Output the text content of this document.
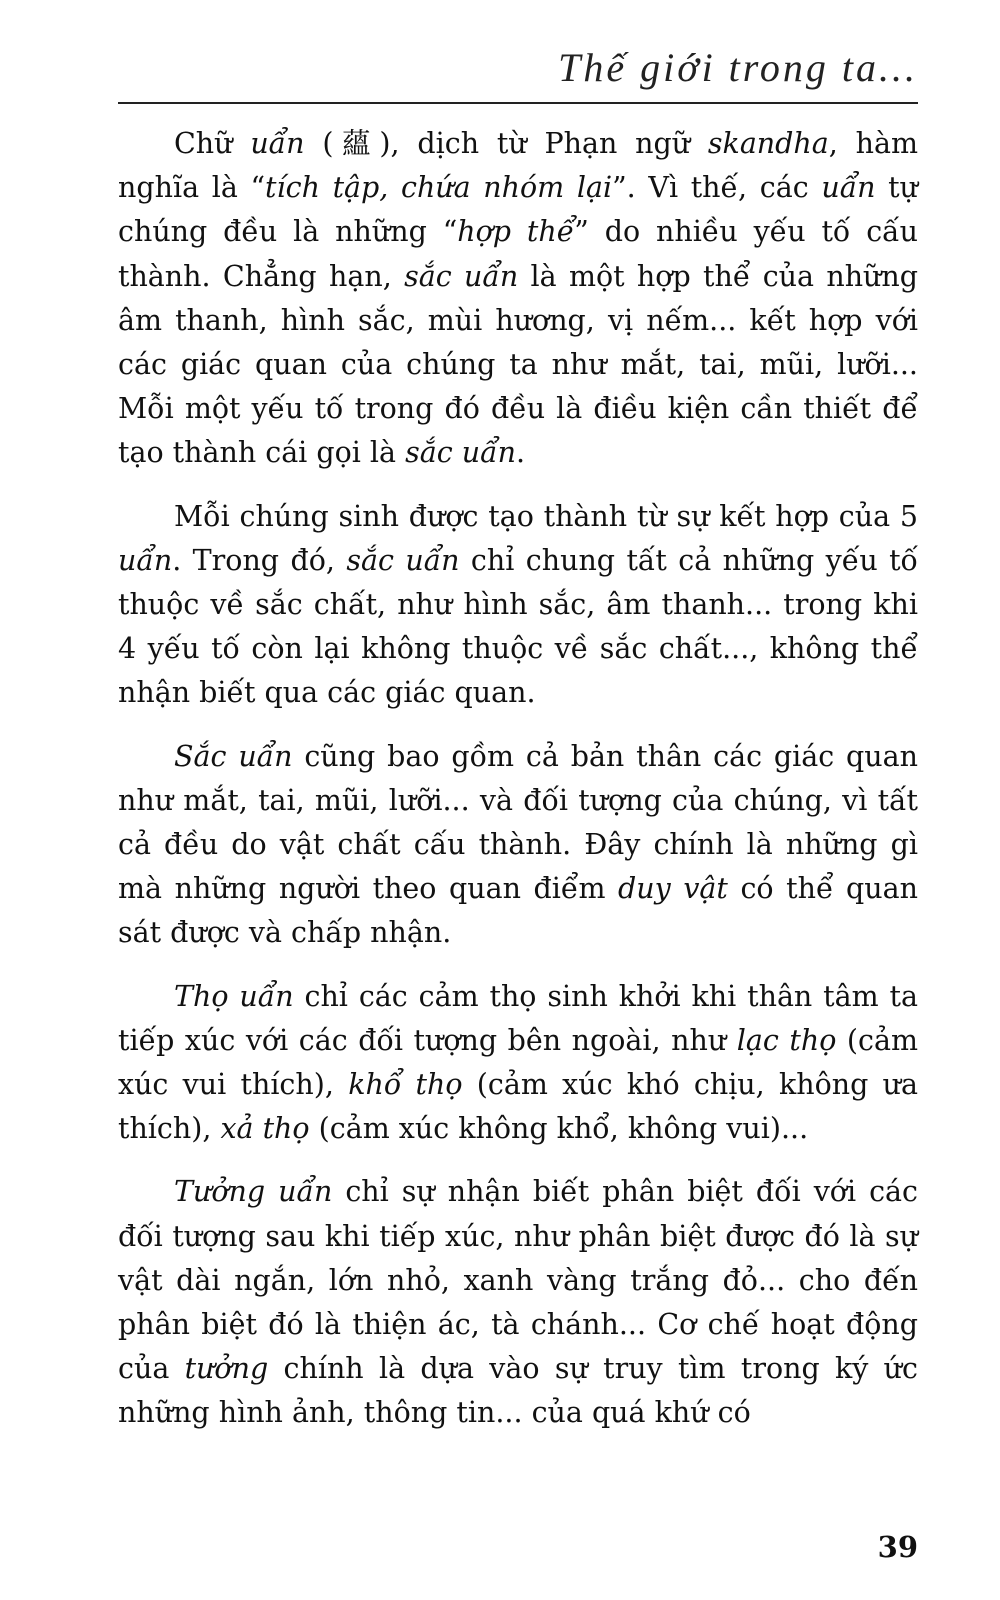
Thế giới trong ta...

Chữ uẩn (蘊), dịch từ Phạn ngữ skandha, hàm nghĩa là “tích tập, chứa nhóm lại”. Vì thế, các uẩn tự chúng đều là những “hợp thể” do nhiều yếu tố cấu thành. Chẳng hạn, sắc uẩn là một hợp thể của những âm thanh, hình sắc, mùi hương, vị nếm... kết hợp với các giác quan của chúng ta như mắt, tai, mũi, lưỡi... Mỗi một yếu tố trong đó đều là điều kiện cần thiết để tạo thành cái gọi là sắc uẩn.

Mỗi chúng sinh được tạo thành từ sự kết hợp của 5 uẩn. Trong đó, sắc uẩn chỉ chung tất cả những yếu tố thuộc về sắc chất, như hình sắc, âm thanh... trong khi 4 yếu tố còn lại không thuộc về sắc chất..., không thể nhận biết qua các giác quan.

Sắc uẩn cũng bao gồm cả bản thân các giác quan như mắt, tai, mũi, lưỡi... và đối tượng của chúng, vì tất cả đều do vật chất cấu thành. Đây chính là những gì mà những người theo quan điểm duy vật có thể quan sát được và chấp nhận.

Thọ uẩn chỉ các cảm thọ sinh khởi khi thân tâm ta tiếp xúc với các đối tượng bên ngoài, như lạc thọ (cảm xúc vui thích), khổ thọ (cảm xúc khó chịu, không ưa thích), xả thọ (cảm xúc không khổ, không vui)...

Tưởng uẩn chỉ sự nhận biết phân biệt đối với các đối tượng sau khi tiếp xúc, như phân biệt được đó là sự vật dài ngắn, lớn nhỏ, xanh vàng trắng đỏ... cho đến phân biệt đó là thiện ác, tà chánh... Cơ chế hoạt động của tưởng chính là dựa vào sự truy tìm trong ký ức những hình ảnh, thông tin... của quá khứ có

39
